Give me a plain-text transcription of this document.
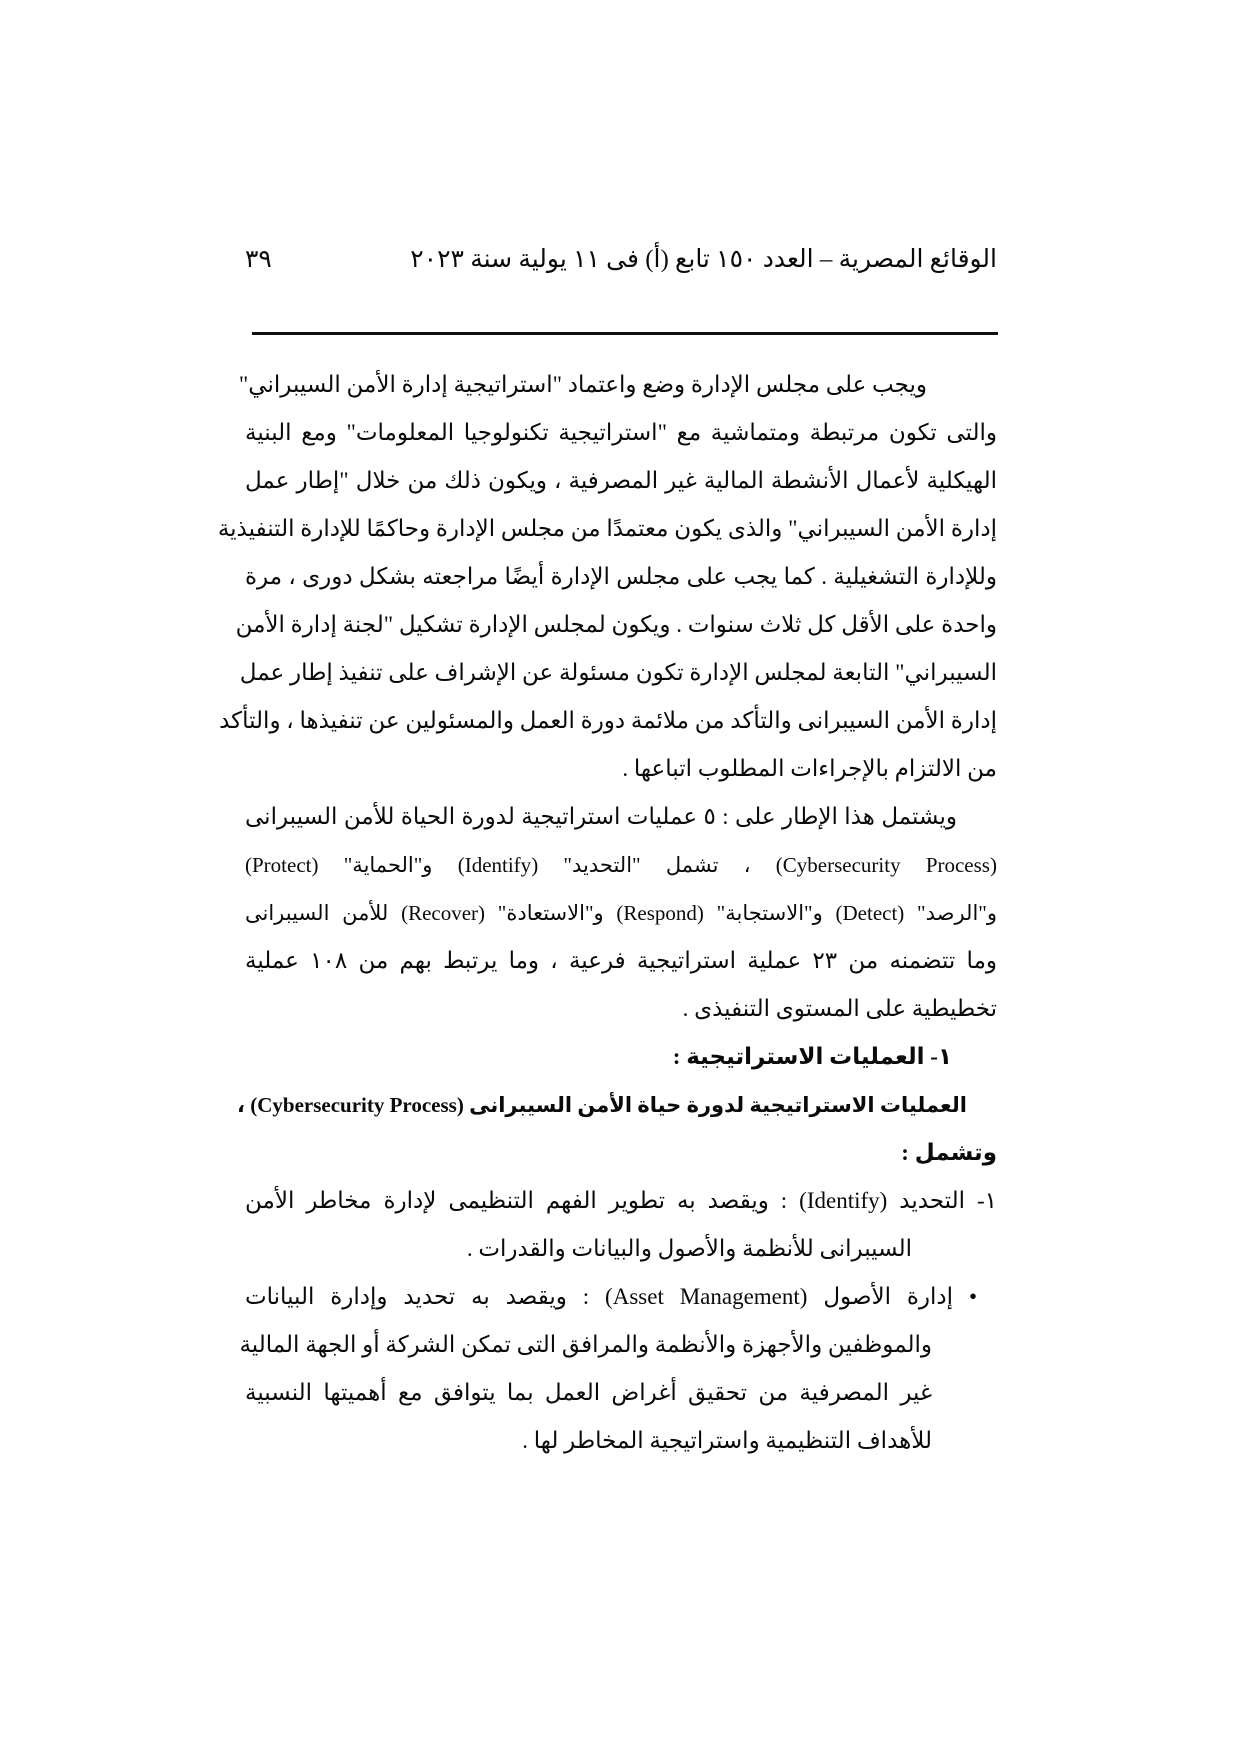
الوقائع المصرية – العدد ١٥٠ تابع (أ) فى ١١ يولية سنة ٢٠٢٣
٣٩
ويجب على مجلس الإدارة وضع واعتماد "استراتيجية إدارة الأمن السيبراني"
والتى تكون مرتبطة ومتماشية مع "استراتيجية تكنولوجيا المعلومات" ومع البنية
الهيكلية لأعمال الأنشطة المالية غير المصرفية ، ويكون ذلك من خلال "إطار عمل
إدارة الأمن السيبراني" والذى يكون معتمدًا من مجلس الإدارة وحاكمًا للإدارة التنفيذية
وللإدارة التشغيلية . كما يجب على مجلس الإدارة أيضًا مراجعته بشكل دورى ، مرة
واحدة على الأقل كل ثلاث سنوات . ويكون لمجلس الإدارة تشكيل "لجنة إدارة الأمن
السيبراني" التابعة لمجلس الإدارة تكون مسئولة عن الإشراف على تنفيذ إطار عمل
إدارة الأمن السيبرانى والتأكد من ملائمة دورة العمل والمسئولين عن تنفيذها ، والتأكد
من الالتزام بالإجراءات المطلوب اتباعها .
ويشتمل هذا الإطار على : ٥ عمليات استراتيجية لدورة الحياة للأمن السيبرانى
(Cybersecurity Process) ، تشمل "التحديد" (Identify) و"الحماية" (Protect)
و"الرصد" (Detect) و"الاستجابة" (Respond) و"الاستعادة" (Recover) للأمن السيبرانى
وما تتضمنه من ٢٣ عملية استراتيجية فرعية ، وما يرتبط بهم من ١٠٨ عملية
تخطيطية على المستوى التنفيذى .
١- العمليات الاستراتيجية :
العمليات الاستراتيجية لدورة حياة الأمن السيبرانى (Cybersecurity Process) ،
وتشمل :
١- التحديد (Identify) : ويقصد به تطوير الفهم التنظيمى لإدارة مخاطر الأمن
السيبرانى للأنظمة والأصول والبيانات والقدرات .
• إدارة الأصول (Asset Management) : ويقصد به تحديد وإدارة البيانات
والموظفين والأجهزة والأنظمة والمرافق التى تمكن الشركة أو الجهة المالية
غير المصرفية من تحقيق أغراض العمل بما يتوافق مع أهميتها النسبية
للأهداف التنظيمية واستراتيجية المخاطر لها .
